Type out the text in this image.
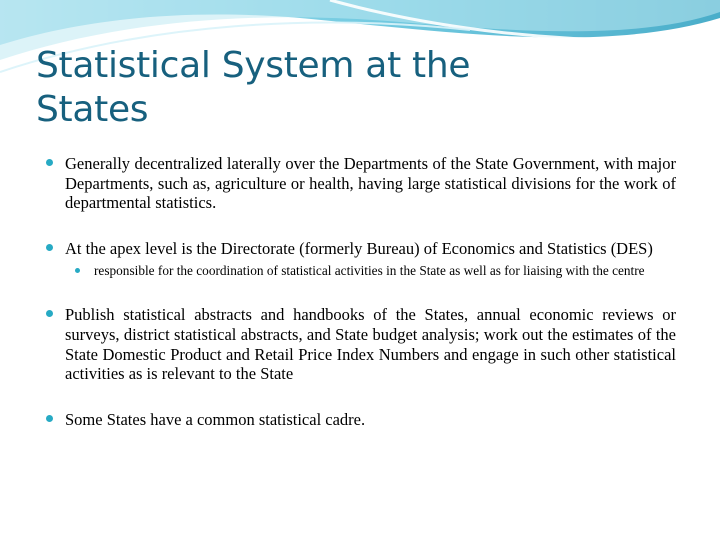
Statistical System at the
States
Generally decentralized laterally over the Departments of the State Government, with major Departments, such as, agriculture or health, having large statistical divisions for the work of departmental statistics.
At the apex level is the Directorate (formerly Bureau) of Economics and Statistics (DES)
responsible for the coordination of statistical activities in the State as well as for liaising with the centre
Publish statistical abstracts and handbooks of the States, annual economic reviews or surveys, district statistical abstracts, and State budget analysis; work out the estimates of the State Domestic Product and Retail Price Index Numbers and engage in such other statistical activities as is relevant to the State
Some States have a common statistical cadre.
